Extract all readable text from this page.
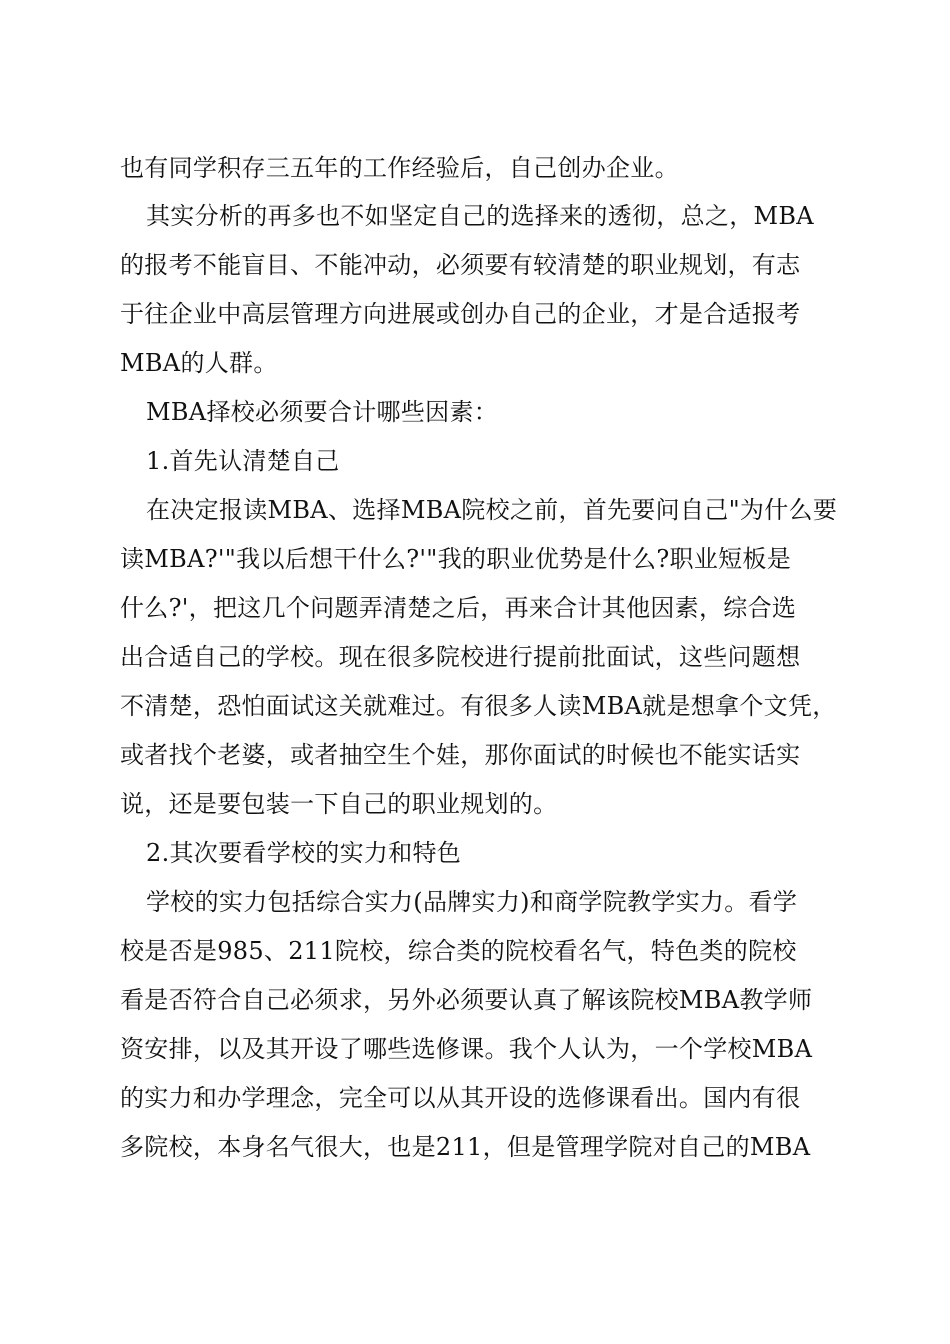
也有同学积存三五年的工作经验后，自己创办企业。
其实分析的再多也不如坚定自己的选择来的透彻，总之，MBA
的报考不能盲目、不能冲动，必须要有较清楚的职业规划，有志
于往企业中高层管理方向进展或创办自己的企业，才是合适报考
MBA的人群。
MBA择校必须要合计哪些因素：
1.首先认清楚自己
在决定报读MBA、选择MBA院校之前，首先要问自己"为什么要
读MBA?'"我以后想干什么?'"我的职业优势是什么?职业短板是
什么?'，把这几个问题弄清楚之后，再来合计其他因素，综合选
出合适自己的学校。现在很多院校进行提前批面试，这些问题想
不清楚，恐怕面试这关就难过。有很多人读MBA就是想拿个文凭，
或者找个老婆，或者抽空生个娃，那你面试的时候也不能实话实
说，还是要包装一下自己的职业规划的。
2.其次要看学校的实力和特色
学校的实力包括综合实力(品牌实力)和商学院教学实力。看学
校是否是985、211院校，综合类的院校看名气，特色类的院校
看是否符合自己必须求，另外必须要认真了解该院校MBA教学师
资安排，以及其开设了哪些选修课。我个人认为，一个学校MBA
的实力和办学理念，完全可以从其开设的选修课看出。国内有很
多院校，本身名气很大，也是211，但是管理学院对自己的MBA
